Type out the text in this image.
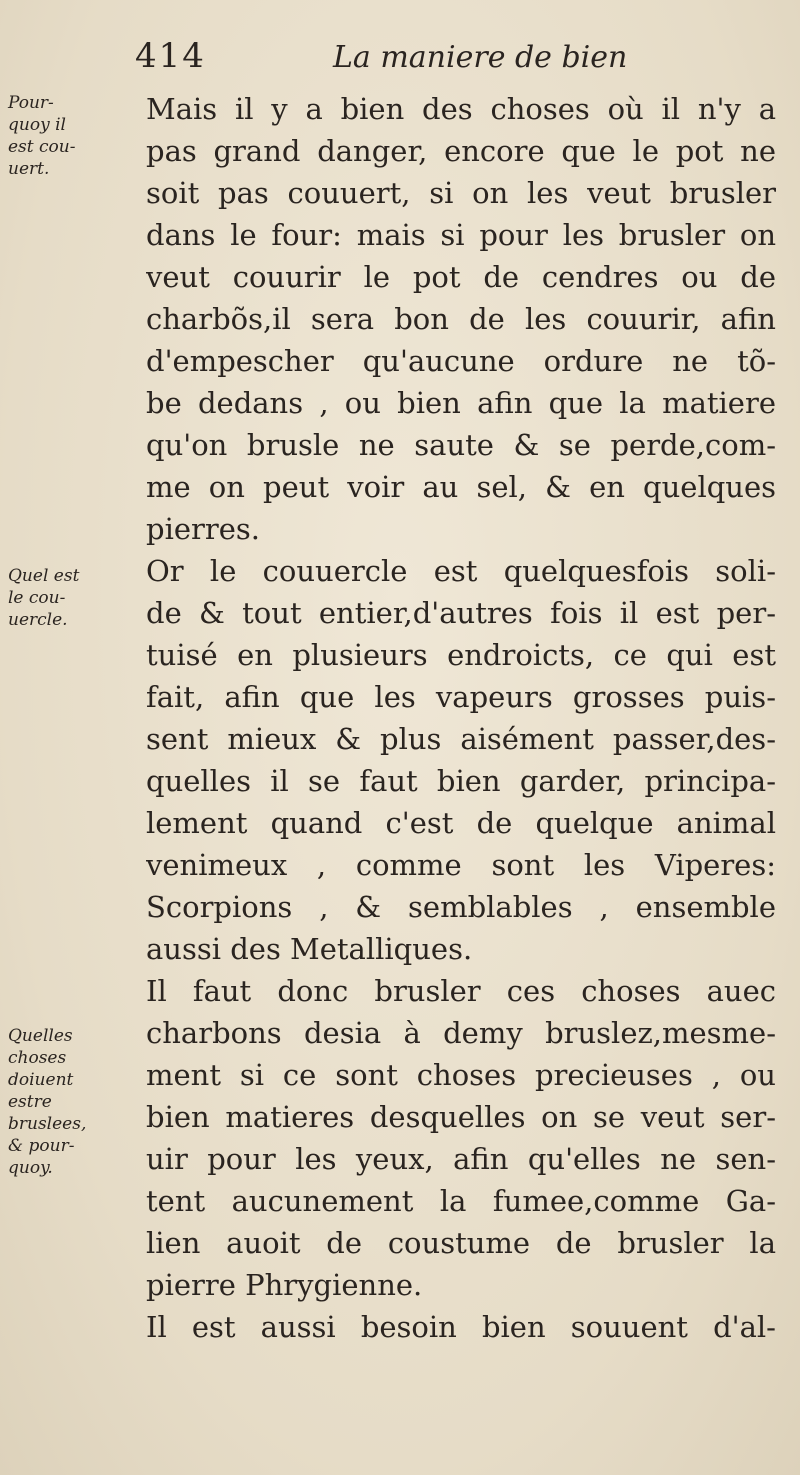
414	La maniere de bien
Pour-
quoy il
est cou-
uert.
Quel est
le cou-
uercle.
Quelles
choses
doiuent
estre
bruslees,
& pour-
quoy.
Mais il y a bien des choses où il n'y a
pas grand danger, encore que le pot ne
soit pas couuert, si on les veut brusler
dans le four: mais si pour les brusler on
veut couurir le pot de cendres ou de
charbõs,il sera bon de les couurir, afin
d'empescher qu'aucune ordure ne tõ-
be dedans , ou bien afin que la matiere
qu'on brusle ne saute & se perde,com-
me on peut voir au sel, & en quelques
pierres.
Or le couuercle est quelquesfois soli-
de & tout entier,d'autres fois il est per-
tuisé en plusieurs endroicts, ce qui est
fait, afin que les vapeurs grosses puis-
sent mieux & plus aisément passer,des-
quelles il se faut bien garder, principa-
lement quand c'est de quelque animal
venimeux , comme sont les Viperes:
Scorpions , & semblables , ensemble
aussi des Metalliques.
Il faut donc brusler ces choses auec
charbons desia à demy bruslez,mesme-
ment si ce sont choses precieuses , ou
bien matieres desquelles on se veut ser-
uir pour les yeux, afin qu'elles ne sen-
tent aucunement la fumee,comme Ga-
lien auoit de coustume de brusler la
pierre Phrygienne.
Il est aussi besoin bien souuent d'al-
